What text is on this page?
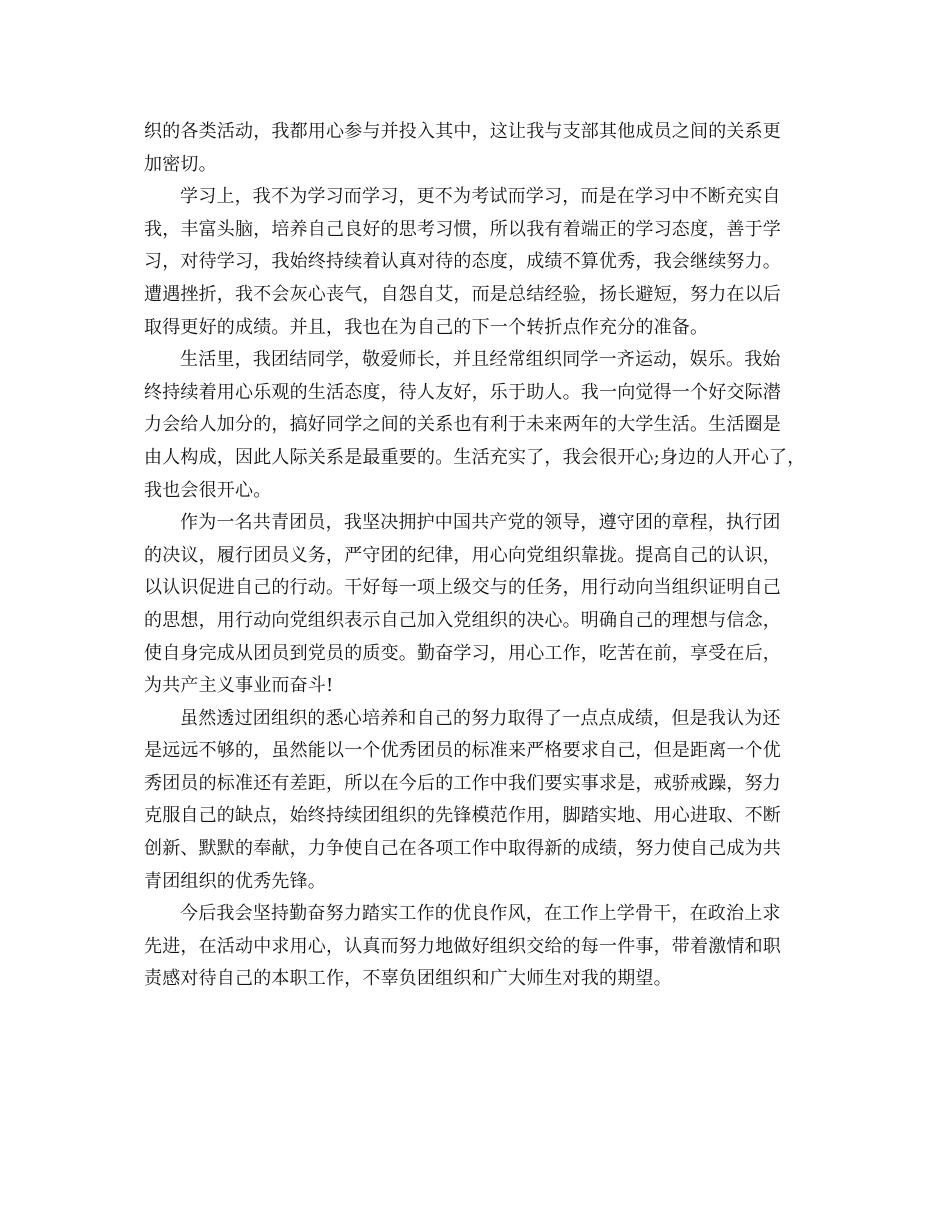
织的各类活动，我都用心参与并投入其中，这让我与支部其他成员之间的关系更
加密切。

学习上，我不为学习而学习，更不为考试而学习，而是在学习中不断充实自
我，丰富头脑，培养自己良好的思考习惯，所以我有着端正的学习态度，善于学
习，对待学习，我始终持续着认真对待的态度，成绩不算优秀，我会继续努力。
遭遇挫折，我不会灰心丧气，自怨自艾，而是总结经验，扬长避短，努力在以后
取得更好的成绩。并且，我也在为自己的下一个转折点作充分的准备。

生活里，我团结同学，敬爱师长，并且经常组织同学一齐运动，娱乐。我始
终持续着用心乐观的生活态度，待人友好，乐于助人。我一向觉得一个好交际潜
力会给人加分的，搞好同学之间的关系也有利于未来两年的大学生活。生活圈是
由人构成，因此人际关系是最重要的。生活充实了，我会很开心;身边的人开心了，
我也会很开心。

作为一名共青团员，我坚决拥护中国共产党的领导，遵守团的章程，执行团
的决议，履行团员义务，严守团的纪律，用心向党组织靠拢。提高自己的认识，
以认识促进自己的行动。干好每一项上级交与的任务，用行动向当组织证明自己
的思想，用行动向党组织表示自己加入党组织的决心。明确自己的理想与信念，
使自身完成从团员到党员的质变。勤奋学习，用心工作，吃苦在前，享受在后，
为共产主义事业而奋斗!

虽然透过团组织的悉心培养和自己的努力取得了一点点成绩，但是我认为还
是远远不够的，虽然能以一个优秀团员的标准来严格要求自己，但是距离一个优
秀团员的标准还有差距，所以在今后的工作中我们要实事求是，戒骄戒躁，努力
克服自己的缺点，始终持续团组织的先锋模范作用，脚踏实地、用心进取、不断
创新、默默的奉献，力争使自己在各项工作中取得新的成绩，努力使自己成为共
青团组织的优秀先锋。

今后我会坚持勤奋努力踏实工作的优良作风，在工作上学骨干，在政治上求
先进，在活动中求用心，认真而努力地做好组织交给的每一件事，带着激情和职
责感对待自己的本职工作，不辜负团组织和广大师生对我的期望。
